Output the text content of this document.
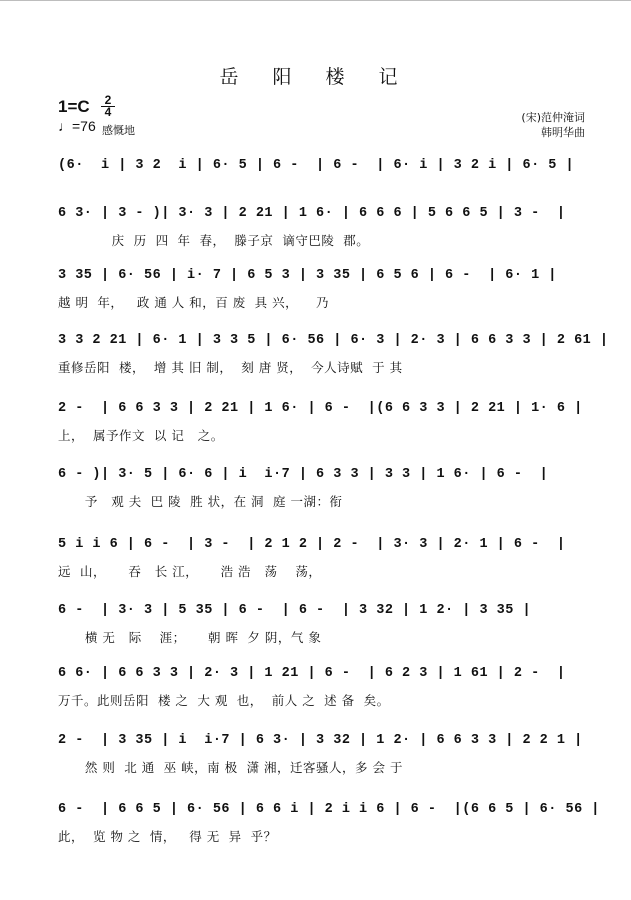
岳 阳 楼 记
$1=C \frac{2}{4}$
♩=76 感慨地
(宋)范仲淹词
韩明华曲
(6·  i | 3 2  i | 6· 5 | 6 -  | 6 -  | 6· i | 3 2 i | 6· 5 |
6 3· | 3 - )| 3· 3 | 2 21 | 1 6· | 6 6 6 | 5 6 6 5 | 3 -  |
庆  历  四  年  春，  滕子京  谪守巴陵  郡。
3 35 | 6· 56 | i· 7 | 6 5 3 | 3 35 | 6 5 6 | 6 -  | 6· 1 |
越 明  年，   政 通 人 和，百 废  具 兴，    乃
3 3 2 21 | 6· 1 | 3 3 5 | 6· 56 | 6· 3 | 2· 3 | 6 6 3 3 | 2 61 |
重修岳阳  楼，  增 其 旧 制，  刻 唐 贤，  今人诗赋  于 其
2 -  | 6 6 3 3 | 2 21 | 1 6· | 6 -  |(6 6 3 3 | 2 21 | 1· 6 |
上，  属予作文  以 记   之。
6 - )| 3· 5 | 6· 6 | i  i·7 | 6 3 3 | 3 3 | 1 6· | 6 -  |
予   观 夫  巴 陵  胜 状，在 洞  庭 一湖：衔
5 i i 6 | 6 -  | 3 -  | 2 1 2 | 2 -  | 3· 3 | 2· 1 | 6 -  |
远  山，     吞   长 江，     浩 浩   荡    荡，
6 -  | 3· 3 | 5 35 | 6 -  | 6 -  | 3 32 | 1 2· | 3 35 |
横 无   际    涯；     朝 晖  夕 阴，气 象
6 6· | 6 6 3 3 | 2· 3 | 1 21 | 6 -  | 6 2 3 | 1 61 | 2 -  |
万千。此则岳阳  楼 之  大 观  也，  前人 之  述 备  矣。
2 -  | 3 35 | i  i·7 | 6 3· | 3 32 | 1 2· | 6 6 3 3 | 2 2 1 |
然 则  北 通  巫 峡，南 极  潇 湘，迁客骚人，多 会 于
6 -  | 6 6 5 | 6· 56 | 6 6 i | 2 i i 6 | 6 -  |(6 6 5 | 6· 56 |
此，  览 物 之  情，   得 无  异  乎？
